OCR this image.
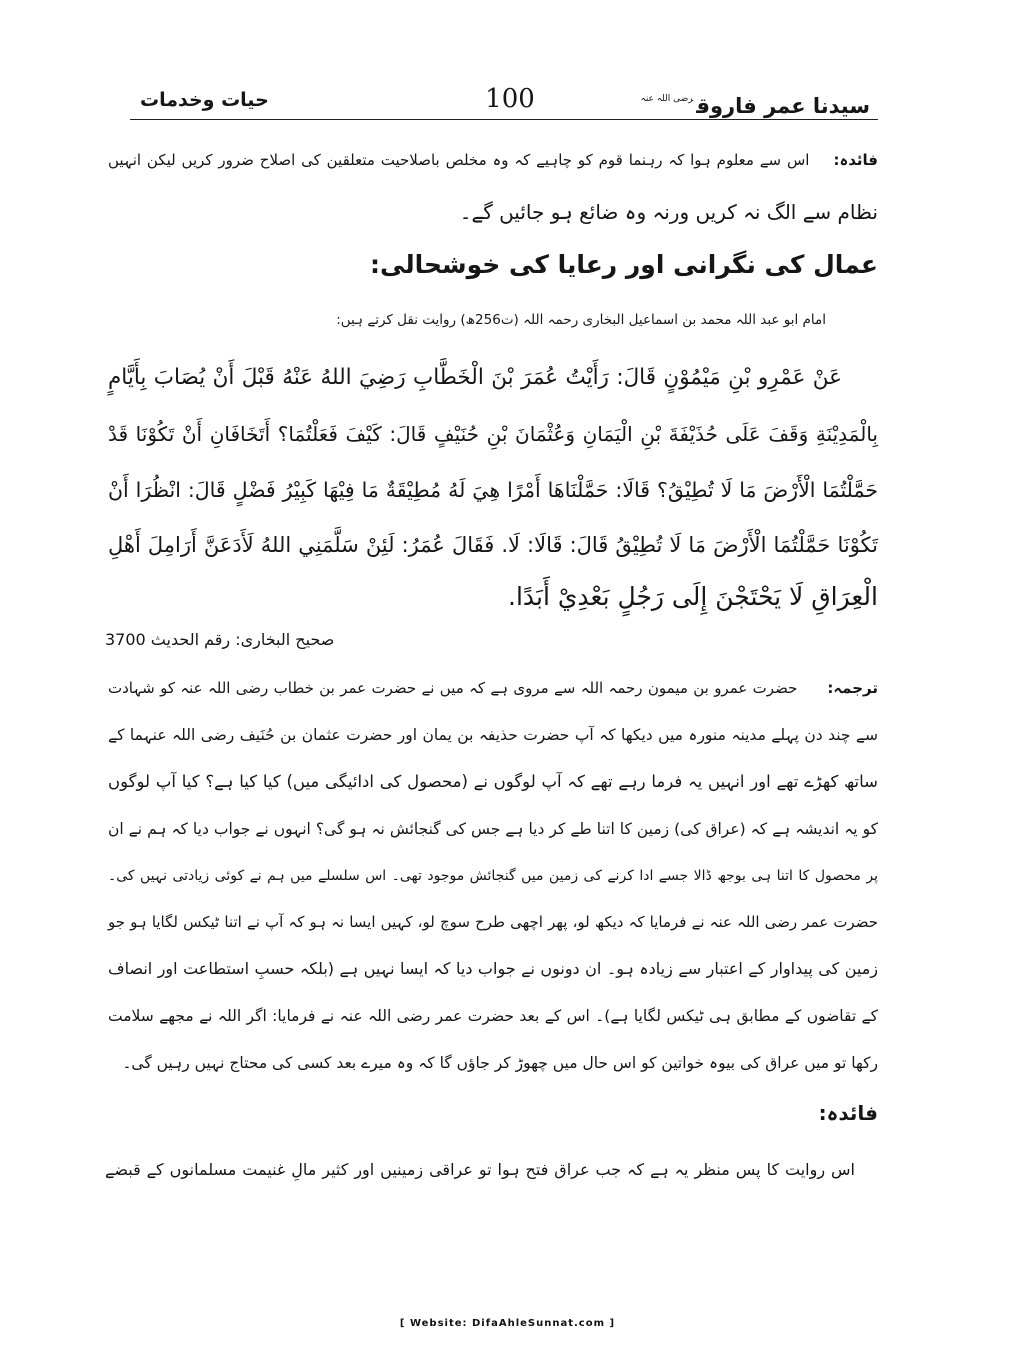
سیدنا عمر فاروق$^{رضی اللہ عنہ}$
100
حیات وخدمات

فائدہ:اس سے معلوم ہوا کہ رہنما قوم کو چاہیے کہ وہ مخلص باصلاحیت متعلقین کی اصلاح ضرور کریں لیکن انہیں

نظام سے الگ نہ کریں ورنہ وہ ضائع ہو جائیں گے۔

عمال کی نگرانی اور رعایا کی خوشحالی:

امام ابو عبد اللہ محمد بن اسماعیل البخاری رحمہ اللہ (ت256ھ) روایت نقل کرتے ہیں:

عَنْ عَمْرِو بْنِ مَيْمُوْنٍ قَالَ: رَأَيْتُ عُمَرَ بْنَ الْخَطَّابِ رَضِيَ اللهُ عَنْهُ قَبْلَ أَنْ يُصَابَ بِأَيَّامٍ

بِالْمَدِيْنَةِ وَقَفَ عَلَى حُذَيْفَةَ بْنِ الْيَمَانِ وَعُثْمَانَ بْنِ حُنَيْفٍ قَالَ: كَيْفَ فَعَلْتُمَا؟ أَتَخَافَانِ أَنْ تَكُوْنَا قَدْ

حَمَّلْتُمَا الْأَرْضَ مَا لَا تُطِيْقُ؟ قَالَا: حَمَّلْنَاهَا أَمْرًا هِيَ لَهُ مُطِيْقَةٌ مَا فِيْهَا كَبِيْرُ فَضْلٍ قَالَ: انْظُرَا أَنْ

تَكُوْنَا حَمَّلْتُمَا الْأَرْضَ مَا لَا تُطِيْقُ قَالَ: قَالَا: لَا. فَقَالَ عُمَرُ: لَئِنْ سَلَّمَنِي اللهُ لَأَدَعَنَّ أَرَامِلَ أَهْلِ

الْعِرَاقِ لَا يَحْتَجْنَ إِلَى رَجُلٍ بَعْدِيْ أَبَدًا.

صحیح البخاری: رقم الحدیث 3700

ترجمہ:حضرت عمرو بن میمون رحمہ اللہ سے مروی ہے کہ میں نے حضرت عمر بن خطاب رضی اللہ عنہ کو شہادت

سے چند دن پہلے مدینہ منورہ میں دیکھا کہ آپ حضرت حذیفہ بن یمان اور حضرت عثمان بن حُنَیف رضی اللہ عنہما کے

ساتھ کھڑے تھے اور انہیں یہ فرما رہے تھے کہ آپ لوگوں نے (محصول کی ادائیگی میں) کیا کیا ہے؟ کیا آپ لوگوں

کو یہ اندیشہ ہے کہ (عراق کی) زمین کا اتنا طے کر دیا ہے جس کی گنجائش نہ ہو گی؟ انہوں نے جواب دیا کہ ہم نے ان

پر محصول کا اتنا ہی بوجھ ڈالا جسے ادا کرنے کی زمین میں گنجائش موجود تھی۔ اس سلسلے میں ہم نے کوئی زیادتی نہیں کی۔

حضرت عمر رضی اللہ عنہ نے فرمایا کہ دیکھ لو، پھر اچھی طرح سوچ لو، کہیں ایسا نہ ہو کہ آپ نے اتنا ٹیکس لگایا ہو جو

زمین کی پیداوار کے اعتبار سے زیادہ ہو۔ ان دونوں نے جواب دیا کہ ایسا نہیں ہے (بلکہ حسبِ استطاعت اور انصاف

کے تقاضوں کے مطابق ہی ٹیکس لگایا ہے)۔ اس کے بعد حضرت عمر رضی اللہ عنہ نے فرمایا: اگر اللہ نے مجھے سلامت

رکھا تو میں عراق کی بیوہ خواتین کو اس حال میں چھوڑ کر جاؤں گا کہ وہ میرے بعد کسی کی محتاج نہیں رہیں گی۔

فائدہ:

اس روایت کا پس منظر یہ ہے کہ جب عراق فتح ہوا تو عراقی زمینیں اور کثیر مالِ غنیمت مسلمانوں کے قبضے

[ Website: DifaAhleSunnat.com ]
